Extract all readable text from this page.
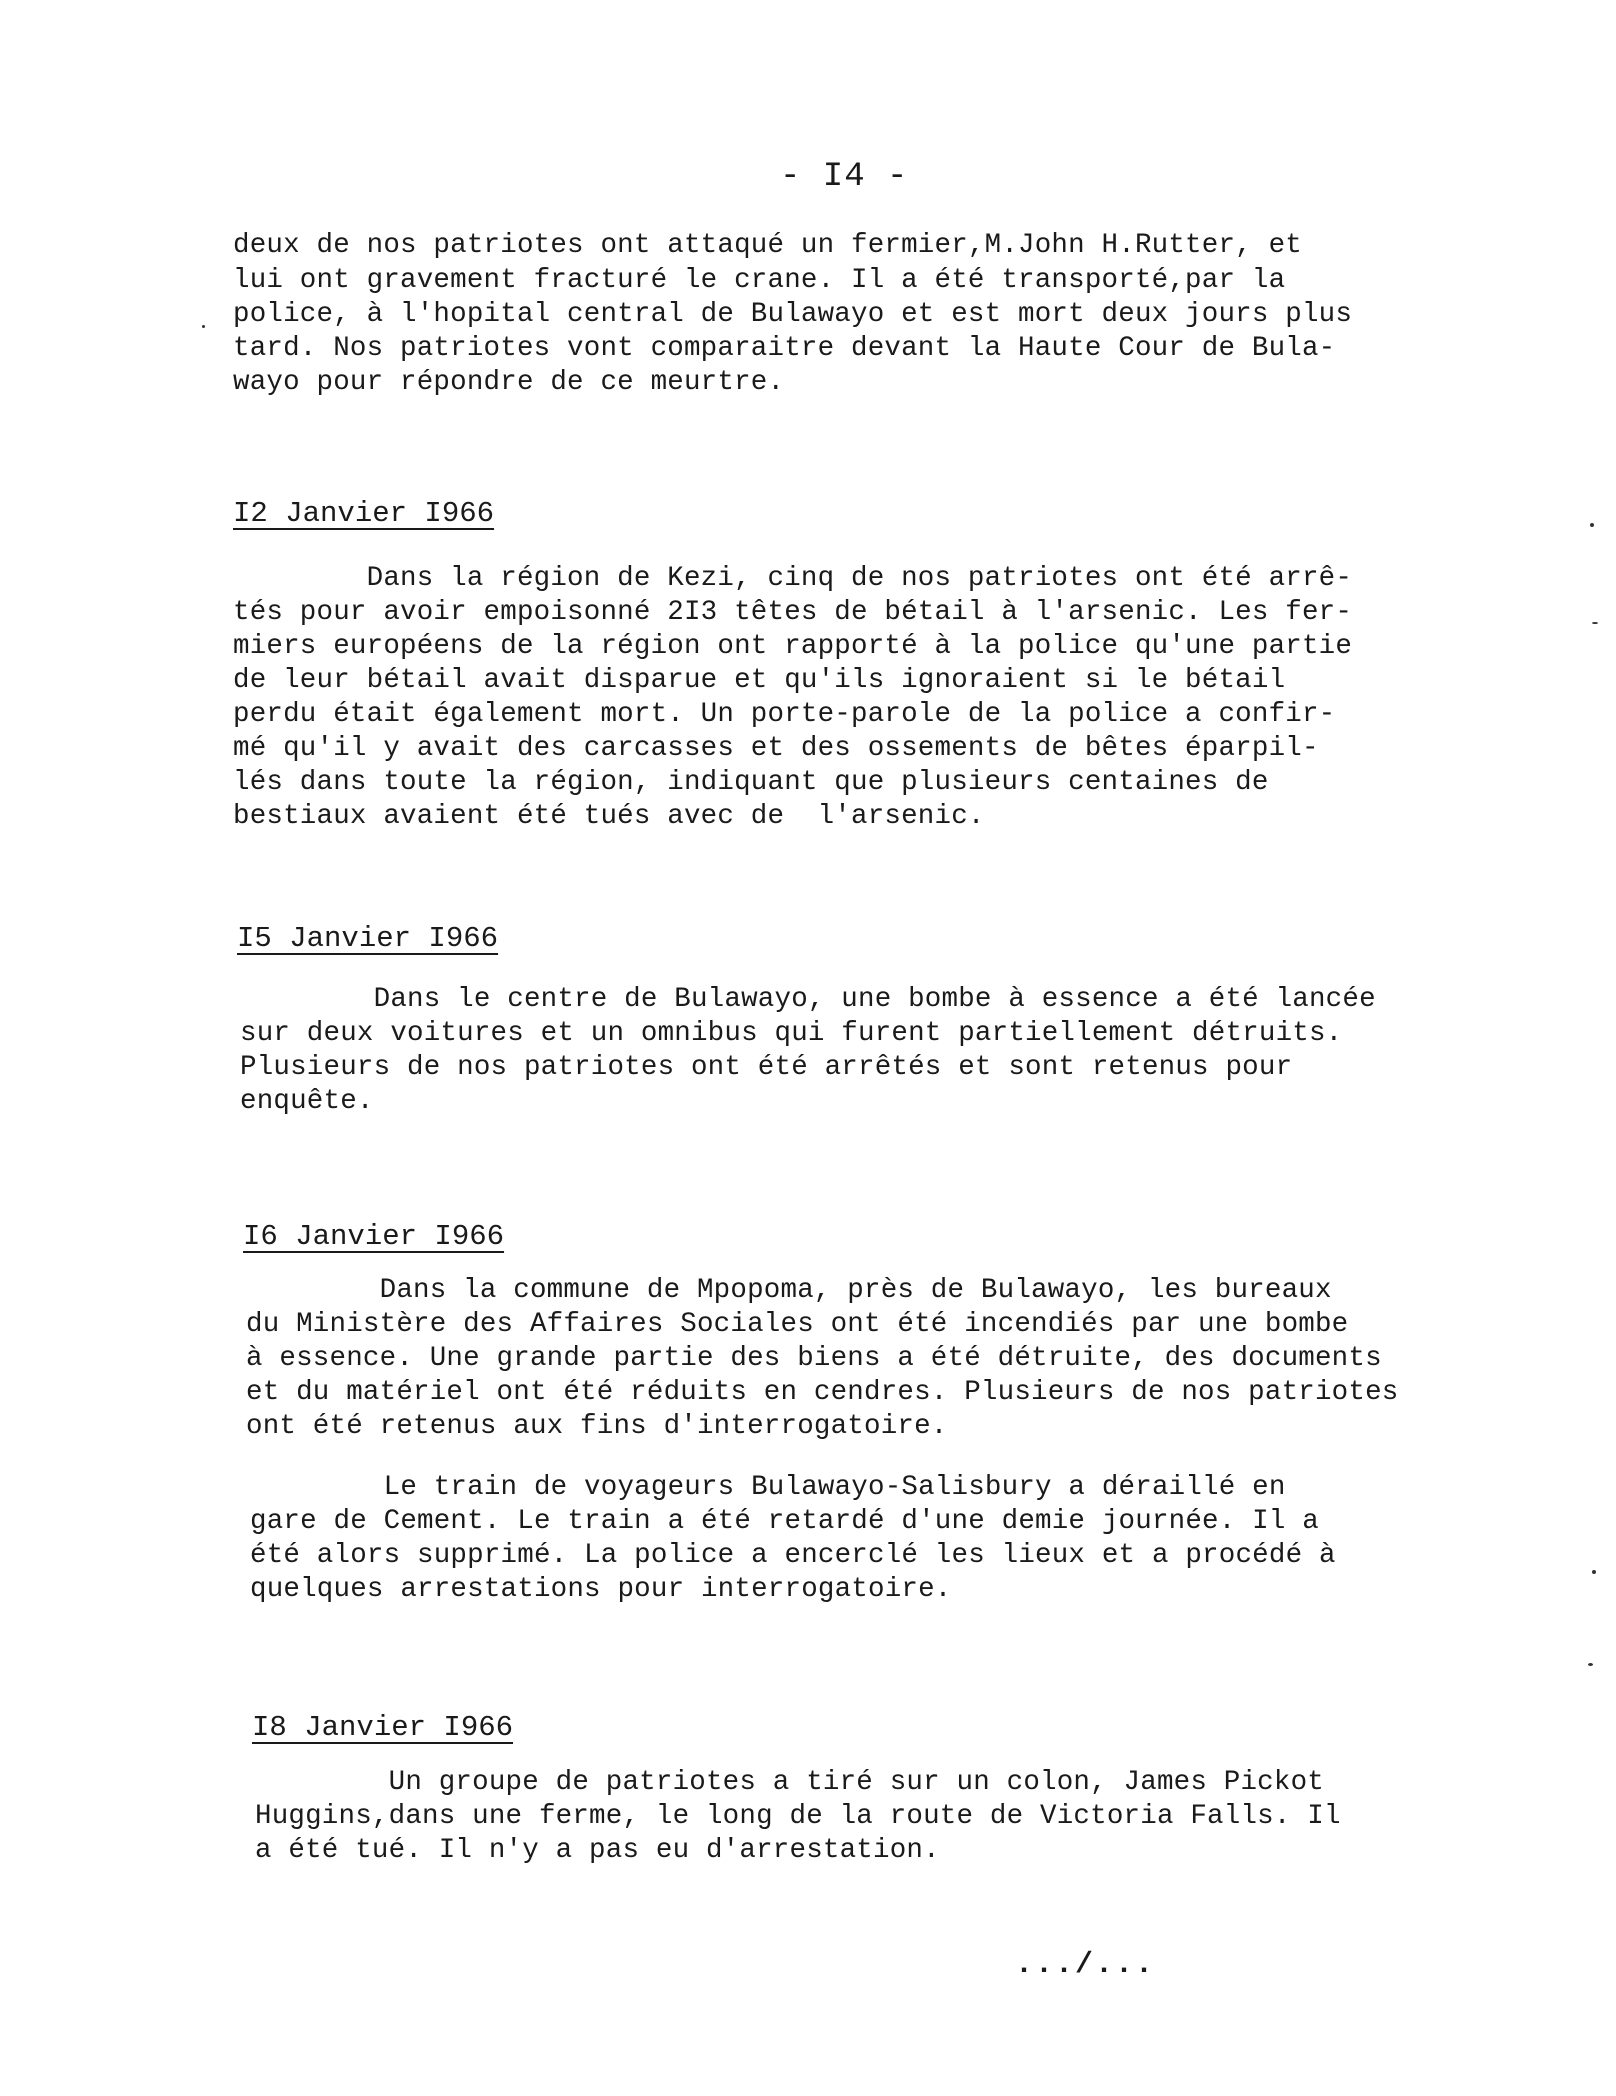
- I4 -
deux de nos patriotes ont attaqué un fermier,M.John H.Rutter, et
lui ont gravement fracturé le crane. Il a été transporté,par la
police, à l'hopital central de Bulawayo et est mort deux jours plus
tard. Nos patriotes vont comparaitre devant la Haute Cour de Bula-
wayo pour répondre de ce meurtre.
I2 Janvier I966
Dans la région de Kezi, cinq de nos patriotes ont été arrê-
tés pour avoir empoisonné 2I3 têtes de bétail à l'arsenic. Les fer-
miers européens de la région ont rapporté à la police qu'une partie
de leur bétail avait disparue et qu'ils ignoraient si le bétail
perdu était également mort. Un porte-parole de la police a confir-
mé qu'il y avait des carcasses et des ossements de bêtes éparpil-
lés dans toute la région, indiquant que plusieurs centaines de
bestiaux avaient été tués avec de  l'arsenic.
I5 Janvier I966
Dans le centre de Bulawayo, une bombe à essence a été lancée
sur deux voitures et un omnibus qui furent partiellement détruits.
Plusieurs de nos patriotes ont été arrêtés et sont retenus pour
enquête.
I6 Janvier I966
Dans la commune de Mpopoma, près de Bulawayo, les bureaux
du Ministère des Affaires Sociales ont été incendiés par une bombe
à essence. Une grande partie des biens a été détruite, des documents
et du matériel ont été réduits en cendres. Plusieurs de nos patriotes
ont été retenus aux fins d'interrogatoire.
Le train de voyageurs Bulawayo-Salisbury a déraillé en
gare de Cement. Le train a été retardé d'une demie journée. Il a
été alors supprimé. La police a encerclé les lieux et a procédé à
quelques arrestations pour interrogatoire.
I8 Janvier I966
Un groupe de patriotes a tiré sur un colon, James Pickot
Huggins,dans une ferme, le long de la route de Victoria Falls. Il
a été tué. Il n'y a pas eu d'arrestation.
.../...
